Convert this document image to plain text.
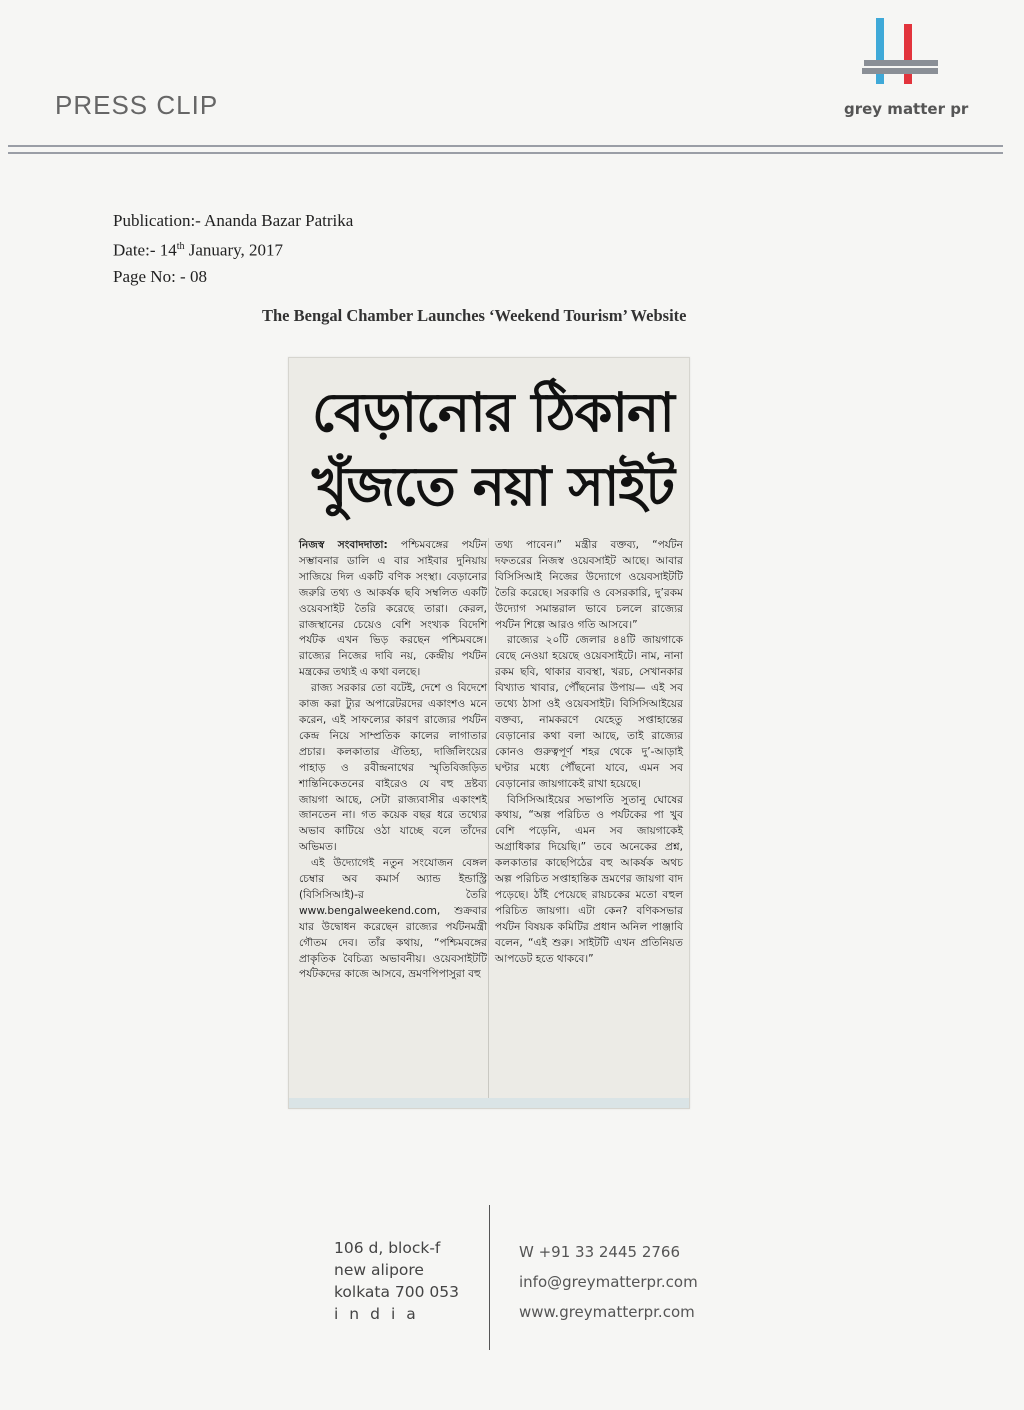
PRESS CLIP	grey matter pr
Publication:- Ananda Bazar Patrika
Date:- 14th January, 2017
Page No: - 08
The Bengal Chamber Launches ‘Weekend Tourism’ Website
বেড়ানোর ঠিকানা
খুঁজতে নয়া সাইট

নিজস্ব সংবাদদাতা: পশ্চিমবঙ্গের পর্যটন সম্ভাবনার ডালি এ বার সাইবার দুনিয়ায় সাজিয়ে দিল একটি বণিক সংস্থা। বেড়ানোর জরুরি তথ্য ও আকর্ষক ছবি সম্বলিত একটি ওয়েবসাইট তৈরি করেছে তারা। কেরল, রাজস্থানের চেয়েও বেশি সংখ্যক বিদেশি পর্যটক এখন ভিড় করছেন পশ্চিমবঙ্গে। রাজ্যের নিজের দাবি নয়, কেন্দ্রীয় পর্যটন মন্ত্রকের তথ্যই এ কথা বলছে।

রাজ্য সরকার তো বটেই, দেশে ও বিদেশে কাজ করা ট্যুর অপারেটরদের একাংশও মনে করেন, এই সাফল্যের কারণ রাজ্যের পর্যটন কেন্দ্র নিয়ে সাম্প্রতিক কালের লাগাতার প্রচার। কলকাতার ঐতিহ্য, দার্জিলিংয়ের পাহাড় ও রবীন্দ্রনাথের স্মৃতিবিজড়িত শান্তিনিকেতনের বাইরেও যে বহু দ্রষ্টব্য জায়গা আছে, সেটা রাজ্যবাসীর একাংশই জানতেন না। গত কয়েক বছর ধরে তথ্যের অভাব কাটিয়ে ওঠা যাচ্ছে বলে তাঁদের অভিমত।

এই উদ্যোগেই নতুন সংযোজন বেঙ্গল চেম্বার অব কমার্স অ্যান্ড ইন্ডাস্ট্রি (বিসিসিআই)-র তৈরি www.bengalweekend.com, শুক্রবার যার উদ্বোধন করেছেন রাজ্যের পর্যটনমন্ত্রী গৌতম দেব। তাঁর কথায়, “পশ্চিমবঙ্গের প্রাকৃতিক বৈচিত্র্য অভাবনীয়। ওয়েবসাইটটি পর্যটকদের কাজে আসবে, ভ্রমণপিপাসুরা বহু

তথ্য পাবেন।” মন্ত্রীর বক্তব্য, “পর্যটন দফতরের নিজস্ব ওয়েবসাইট আছে। আবার বিসিসিআই নিজের উদ্যোগে ওয়েবসাইটটি তৈরি করেছে। সরকারি ও বেসরকারি, দু’রকম উদ্যোগ সমান্তরাল ভাবে চললে রাজ্যের পর্যটন শিল্পে আরও গতি আসবে।”

রাজ্যের ২০টি জেলার ৪৪টি জায়গাকে বেছে নেওয়া হয়েছে ওয়েবসাইটে। নাম, নানা রকম ছবি, থাকার ব্যবস্থা, খরচ, সেখানকার বিখ্যাত খাবার, পৌঁছনোর উপায়— এই সব তথ্যে ঠাসা ওই ওয়েবসাইট। বিসিসিআইয়ের বক্তব্য, নামকরণে যেহেতু সপ্তাহান্তের বেড়ানোর কথা বলা আছে, তাই রাজ্যের কোনও গুরুত্বপূর্ণ শহর থেকে দু’-আড়াই ঘণ্টার মধ্যে পৌঁছনো যাবে, এমন সব বেড়ানোর জায়গাকেই রাখা হয়েছে।

বিসিসিআইয়ের সভাপতি সুতানু ঘোষের কথায়, “অল্প পরিচিত ও পর্যটকের পা খুব বেশি পড়েনি, এমন সব জায়গাকেই অগ্রাধিকার দিয়েছি।” তবে অনেকের প্রশ্ন, কলকাতার কাছেপিঠের বহু আকর্ষক অথচ অল্প পরিচিত সপ্তাহান্তিক ভ্রমণের জায়গা বাদ পড়েছে। ঠাঁই পেয়েছে রায়চকের মতো বহুল পরিচিত জায়গা। এটা কেন? বণিকসভার পর্যটন বিষয়ক কমিটির প্রধান অনিল পাঞ্জাবি বলেন, “এই শুরু। সাইটটি এখন প্রতিনিয়ত আপডেট হতে থাকবে।”

106 d, block-f
new alipore
kolkata 700 053
india
W +91 33 2445 2766
info@greymatterpr.com
www.greymatterpr.com
